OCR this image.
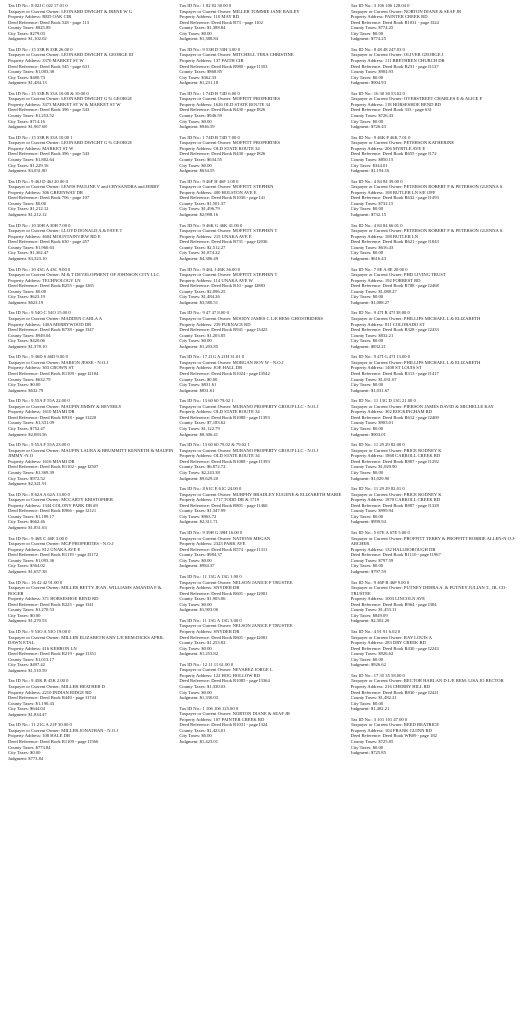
Tax ID No.: 8 02J C 02J 17.01 0
Taxpayer or Current Owner: LEONARD DWIGHT & IRENE W G
Property Address: RED OAK CIR
Deed Reference: Deed Book 528 - page 113
County Taxes: $825.89
City Taxes: $279.03
Judgment: $1,102.02
Tax ID No.: 15 33B B 33B 26.00 0
Taxpayer or Current Owner: LEONARD DWIGHT & GEORGE III
Property Address: 3370 MARKET ST W
Deed Reference: Deed Book 545 - page 631
County Taxes: $1,003.38
City Taxes: $480.73
Judgment: $1,484.13
Tax ID No.: 15 33B B 33A 10.00 & 10.00 0
Taxpayer or Current Owner: LEONARD DWIGHT G % GEORGE
Property Address: 3373 MARKET ST W & MARKET ST W
Deed Reference: Deed Book 396 - page 543
County Taxes: $1,253.52
City Taxes: $714.16
Judgment: $1,967.68
Tax ID No.: 15 33B B 33A 10.00 1
Taxpayer or Current Owner: LEONARD DWIGHT G % GEORGE
Property Address: MARKET ST W
Deed Reference: Deed Book 396 - page 543
County Taxes: $1,802.64
City Taxes: $1,229.16
Judgment: $3,031.80
Tax ID No.: 9 46J D 46J 20.00 0
Taxpayer or Current Owner: LEWIS PAULINE V and CRYSANDRA and JERRY
Property Address: 306 GREENWAY DR
Deed Reference: Deed Book 706 - page 107
County Taxes: $0.00
City Taxes: $1,212.12
Judgment: $1,212.12
Tax ID No.: 10 30H A 30H 7.00 0
Taxpayer or Current Owner: LLOYD DONALD A & FAYE T
Property Address: 4604 MOUNTAINVIEW RD E
Deed Reference: Deed Book 630 - page 457
County Taxes: $1,960.63
City Taxes: $1,362.47
Judgment: $3,323.10
Tax ID No.: 10 43G A 43C 9.00 0
Taxpayer or Current Owner: M & T DEVELOPMENT OF JOHNSON CITY LLC
Property Address: TECHNOLOGY LN
Deed Reference: Deed Book R255 - page I265
County Taxes: $0.00
City Taxes: $623.19
Judgment: $623.19
Tax ID No.: 9 54O C 54O 15.00 0
Taxpayer or Current Owner: MADDEN CARLA A
Property Address: 140A MERRYWOOD DR
Deed Reference: Deed Book R738 - page I347
County Taxes: $949.04
City Taxes: $420.06
Judgment: $1,378.10
Tax ID No.: 9 46D S 46D 9.00 0
Taxpayer or Current Owner: MARION JESSE - N.O.J
Property Address: 303 CROWN ST
Deed Reference: Deed Book R1109 - page I2184
County Taxes: $632.79
City Taxes: $0.00
Judgment: $632.79
Tax ID No.: 9 55A F 55A 22.00 0
Taxpayer or Current Owner: MAUPIN JIMMY & BEVERLY
Property Address: 1610 MIAMI DR
Deed Reference: Deed Book R918 - page I1220
County Taxes: $1,331.09
City Taxes: $752.47
Judgment: $2,083.56
Tax ID No.: 9 55A F 55A 23.00 0
Taxpayer or Current Owner: MAUPIN LAURA & BRUMMITT KENNETH & MAUPIN JIMMY -N.O
Property Address: 1616 MIAMI DR
Deed Reference: Deed Book R1102 - page I2507
County Taxes: $1,369.39
City Taxes: $972.52
Judgment: $2,341.91
Tax ID No.: 8 62A A 62A 13.00 0
Taxpayer or Current Owner: MCCARTY KRISTOPHER
Property Address: 1344 COLONY PARK DR #9
Deed Reference: Deed Book R966 - page I2121
County Taxes: $1,189.17
City Taxes: $662.46
Judgment: $1,851.63
Tax ID No.: 9 46E C 46E 3.00 0
Taxpayer or Current Owner: MGP PROPERTIES - N.O.J
Property Address: 812 UNAKA AVE E
Deed Reference: Deed Book R1119 - page I3172
County Taxes: $1,093.36
City Taxes: $564.02
Judgment: $1,657.38
Tax ID No.: 16 42 42 91.00 0
Taxpayer or Current Owner: MILLER BETTY JEAN, WILLIAMS AMANDA F & ROGER
Property Address: 371 HORSESHOE BEND RD
Deed Reference: Deed Book R225 - page I341
County Taxes: $1,270.53
City Taxes: $0.00
Judgment: $1,270.53
Tax ID No.: 9 53O A 53O 19.00 0
Taxpayer or Current Owner: MILLER ELIZABETH ANN L/E REM:DICKS APRIL DAWN ETAL
Property Address: 416 KEHRON LN
Deed Reference: Deed Book R219 - page I1351
County Taxes: $1,013.17
City Taxes: $497.42
Judgment: $1,510.59
Tax ID No.: 9 45K B 45K 2.00 0
Taxpayer or Current Owner: MILLER HEATHER D
Property Address: 2210 INDIAN RIDGE RD
Deed Reference: Deed Book R440 - page I1744
County Taxes: $1,190.43
City Taxes: $644.04
Judgment: $1,834.47
Tax ID No.: 11 21G A 21F 30.00 0
Taxpayer or Current Owner: MILLER JONATHAN - N.O.J
Property Address: 108 HALE DR
Deed Reference: Deed Book R1109 - page I1566
County Taxes: $773.84
City Taxes: $0.00
Judgment: $773.84
Tax ID No.: 1 82 82 30.00 0
Taxpayer or Current Owner: MILLER TOMMIE JANE BAILEY
Property Address: 110 MAY RD
Deed Reference: Deed Book R73 - page I102
County Taxes: $1,388.84
City Taxes: $0.00
Judgment: $1,388.84
Tax ID No.: 9 53H D 53H 3.00 0
Taxpayer or Current Owner: MITCHELL TERA CHRISTINE
Property Address: 137 FAITH CIR
Deed Reference: Deed Book R980 - page I1353
County Taxes: $868.85
City Taxes: $362.33
Judgment: $1,231.18
Tax ID No.: 1 74D B 74D 6.00 0
Taxpayer or Current Owner: MOFFITT PROPERTIES
Property Address: 1626 OLD STATE ROUTE 34
Deed Reference: Deed Book R430 - page I826
County Taxes: $946.59
City Taxes: $0.00
Judgment: $946.59
Tax ID No.: 1 74D B 74D 7.00 0
Taxpayer or Current Owner: MOFFITT PROPERTIES
Property Address: OLD STATE ROUTE 34
Deed Reference: Deed Book R430 - page I826
County Taxes: $634.55
City Taxes: $0.00
Judgment: $634.55
Tax ID No.: 9 46F H 46F 1.00 0
Taxpayer or Current Owner: MOFFITT STEPHEN
Property Address: 400 HOLSTON AVE E
Deed Reference: Deed Book R1036 - page I41
County Taxes: $1,501.37
City Taxes: $1,496.79
Judgment: $2,998.16
Tax ID No.: 9 46K G 46K 41.00 0
Taxpayer or Current Owner: MOFFITT STEPHEN T
Property Address: 215 UNAKA AVE E
Deed Reference: Deed Book R731 - page I2036
County Taxes: $2,512.27
City Taxes: $1,874.22
Judgment: $4,386.49
Tax ID No.: 9 46L J 46K 36.00 0
Taxpayer or Current Owner: MOFFITT STEPHEN T
Property Address: 114 UNAKA AVE W
Deed Reference: Deed Book R10 - page I2883
County Taxes: $2,096.25
City Taxes: $1,484.26
Judgment: $3,580.51
Tax ID No.: 9 47 47 8.00 0
Taxpayer or Current Owner: MOODY JAMES C L/E REM: GHOSTRIDERS
Property Address: 239 FURNACE RD
Deed Reference: Deed Book R941 - page I3423
County Taxes: $1,203.85
City Taxes: $0.00
Judgment: $1,203.85
Tax ID No.: 17 21G A 21H 31.01 0
Taxpayer or Current Owner: MORGAN ROY W - N.O.J
Property Address: JOE HALL DR
Deed Reference: Deed Book R1024 - page I3542
County Taxes: $0.00
City Taxes: $831.61
Judgment: $831.61
Tax ID No.: 13 60 60 79.02 1
Taxpayer or Current Owner: MURANO PROPERTY GROUP LLC - N.O.J
Property Address: OLD STATE ROUTE 34
Deed Reference: Deed Book R1088 - page I1393
County Taxes: $7,183.62
City Taxes: $1,122.79
Judgment: $8,306.41
Tax ID No.: 13 60 60 79.02 & 79.02 1
Taxpayer or Current Owner: MURANO PROPERTY GROUP LLC - N.O.J
Property Address: OLD STATE ROUTE 34
Deed Reference: Deed Book R1088 - page I1393
County Taxes: $6,872.72
City Taxes: $2,243.38
Judgment: $9,629.20
Tax ID No.: 8 61C E 61C 24.00 0
Taxpayer or Current Owner: MURPHY BRADLEY EUGENE & ELIZABETH MARIE
Property Address: 1717 TODD DR & 1719
Deed Reference: Deed Book R801 - page I1460
County Taxes: $1,347.99
City Taxes: $963.72
Judgment: $2,311.71
Tax ID No.: 9 39H G 39H 16.00 0
Taxpayer or Current Owner: NATIONS MEGAN
Property Address: 2323 PARK AVE
Deed Reference: Deed Book R574 - page I1311
County Taxes: $984.37
City Taxes: $0.00
Judgment: $984.37
Tax ID No.: 11 13G A 13G 1.00 0
Taxpayer or Current Owner: NELSON JANICE F TRUSTEE
Property Address: SNYDER DR
Deed Reference: Deed Book R601 - page I2001
County Taxes: $1,903.06
City Taxes: $0.00
Judgment: $1,903.06
Tax ID No.: 11 13G A 13G 3.00 0
Taxpayer or Current Owner: NELSON JANICE F TRUSTEE
Property Address: SNYDER DR
Deed Reference: Deed Book R601 - page I2001
County Taxes: $1,253.82
City Taxes: $0.00
Judgment: $1,253.82
Tax ID No.: 12 11 11 61.00 0
Taxpayer or Current Owner: NEVAREZ JORGE L
Property Address: 122 HOG HOLLOW RD
Deed Reference: Deed Book R1085 - page I3364
County Taxes: $1,330.03
City Taxes: $0.00
Judgment: $1,330.03
Tax ID No.: 1 106 106 125.00 0
Taxpayer or Current Owner: NORTON DIANE & SEAF JR
Property Address: 107 PAINTER CREEK RD
Deed Reference: Deed Book R1031 - page I324
County Taxes: $1,423.01
City Taxes: $0.00
Judgment: $1,423.01
Tax ID No.: 3 106 106 128.04 0
Taxpayer or Current Owner: NORTON DIANE & SEAF JR
Property Address: PAINTER CREEK RD
Deed Reference: Deed Book R1031 - page I324
County Taxes: $774.25
City Taxes: $0.00
Judgment: $774.25
Tax ID No.: 8 48 48 247.03 0
Taxpayer or Current Owner: OLIVER GEORGE J
Property Address: 111 BRETHREN CHURCH DR
Deed Reference: Deed Book R231 - page I1137
County Taxes: $904.93
City Taxes: $0.00
Judgment: $904.93
Tax ID No.: 16 30 30 53.02 0
Taxpayer or Current Owner: OVERSTREET CHARLES E & ALICE F
Property Address: 118 HORSESHOE BEND RD
Deed Reference: Deed Book 333 - page 631
County Taxes: $726.43
City Taxes: $0.00
Judgment: $726.43
Tax ID No.: 9 46K P 46K 7.01 0
Taxpayer or Current Owner: PETERSON KATHERINE
Property Address: 206 MYRTLE AVE E
Deed Reference: Deed Book R655 - page I172
County Taxes: $850.15
City Taxes: $344.01
Judgment: $1,194.16
Tax ID No.: 4 84 84 39.00 0
Taxpayer or Current Owner: PETERSON ROBERT F & PETERSON GLENNA S.
Property Address: 108 BUTLER LN S/E OFF
Deed Reference: Deed Book R632 - page I1493
County Taxes: $732.15
City Taxes: $0.00
Judgment: $732.15
Tax ID No.: 4 84 84 66.01 0
Taxpayer or Current Owner: PETERSON ROBERT F & PETERSON GLENNA S.
Property Address: 108 BUTLER LN
Deed Reference: Deed Book R621 - page I1843
County Taxes: $616.43
City Taxes: $0.00
Judgment: $616.43
Tax ID No.: 7 8E A 8E 20.00 0
Taxpayer or Current Owner: PHD LIVING TRUST
Property Address: 192 FORREST RD
Deed Reference: Deed Book R788 - page I2468
County Taxes: $1,088.27
City Taxes: $0.00
Judgment: $1,088.27
Tax ID No.: 9 47I B 47I 38.00 0
Taxpayer or Current Owner: PHILLIPS MICHAEL L & ELIZABETH
Property Address: 811 COLORADO ST
Deed Reference: Deed Book R328 - page I2433
County Taxes: $832.21
City Taxes: $0.00
Judgment: $832.21
Tax ID No.: 9 47I G 47I 13.00 0
Taxpayer or Current Owner: PHILLIPS MICHAEL L & ELIZABETH
Property Address: 1408 ST LOUIS ST
Deed Reference: Deed Book R313 - page I1417
County Taxes: $1,031.67
City Taxes: $0.00
Judgment: $1,031.67
Tax ID No.: 11 13G D 13G 21.00 0
Taxpayer or Current Owner: PIERSON JAMES DAVID & MICHELLE KAY
Property Address: 302 ROCKINGHAM RD
Deed Reference: Deed Book R612 - page I2469
County Taxes: $903.01
City Taxes: $0.00
Judgment: $903.01
Tax ID No.: 11 29 29 82.00 0
Taxpayer or Current Owner: PRICE RODNEY K
Property Address: 1868 CARROLL CREEK RD
Deed Reference: Deed Book R887 - page I1292
County Taxes: $1,029.90
City Taxes: $0.00
Judgment: $1,029.90
Tax ID No.: 11 29 29 82.01 0
Taxpayer or Current Owner: PRICE RODNEY K
Property Address: 1870 CARROLL CREEK RD
Deed Reference: Deed Book R887 - page I1328
County Taxes: $999.94
City Taxes: $0.00
Judgment: $999.94
Tax ID No.: 5 67E A 67E 5.00 0
Taxpayer or Current Owner: PROFFITT TERRY & PROFFITT ROBBIE ALLEN-N.O.J-ARCHER
Property Address: 132 HALLBOROUGH DR
Deed Reference: Deed Book R1110 - page I1967
County Taxes: $797.59
City Taxes: $0.00
Judgment: $797.59
Tax ID No.: 9 46P B 46P 9.00 0
Taxpayer or Current Owner: PUTNEY DEBRA A. & PUTNEY JULIAN T., JR, CO-TRUSTEE
Property Address: 1003 LINCOLN AVE
Deed Reference: Deed Book R964 - page I384
County Taxes: $1,453.11
City Taxes: $849.09
Judgment: $2,302.20
Tax ID No.: 4 91 91 6.02 0
Taxpayer or Current Owner: RAY LOUIS A
Property Address: 283 DRY CREEK RD
Deed Reference: Deed Book R430 - page I2243
County Taxes: $926.62
City Taxes: $0.00
Judgment: $926.62
Tax ID No.: 17 35 35 58.00 0
Taxpayer or Current Owner: RECTOR HARLAN D L/E REM: LISA JO RECTOR
Property Address: 216 CHERRY HILL RD
Deed Reference: Deed Book R830 - page I2421
County Taxes: $1,482.21
City Taxes: $0.00
Judgment: $1,482.21
Tax ID No.: 3 101 101 47.00 0
Taxpayer or Current Owner: REED BEATRICE
Property Address: 104 FRANK GUINN RD
Deed Reference: Deed Book WB09 - page 182
County Taxes: $725.85
City Taxes: $0.00
Judgment: $725.85
